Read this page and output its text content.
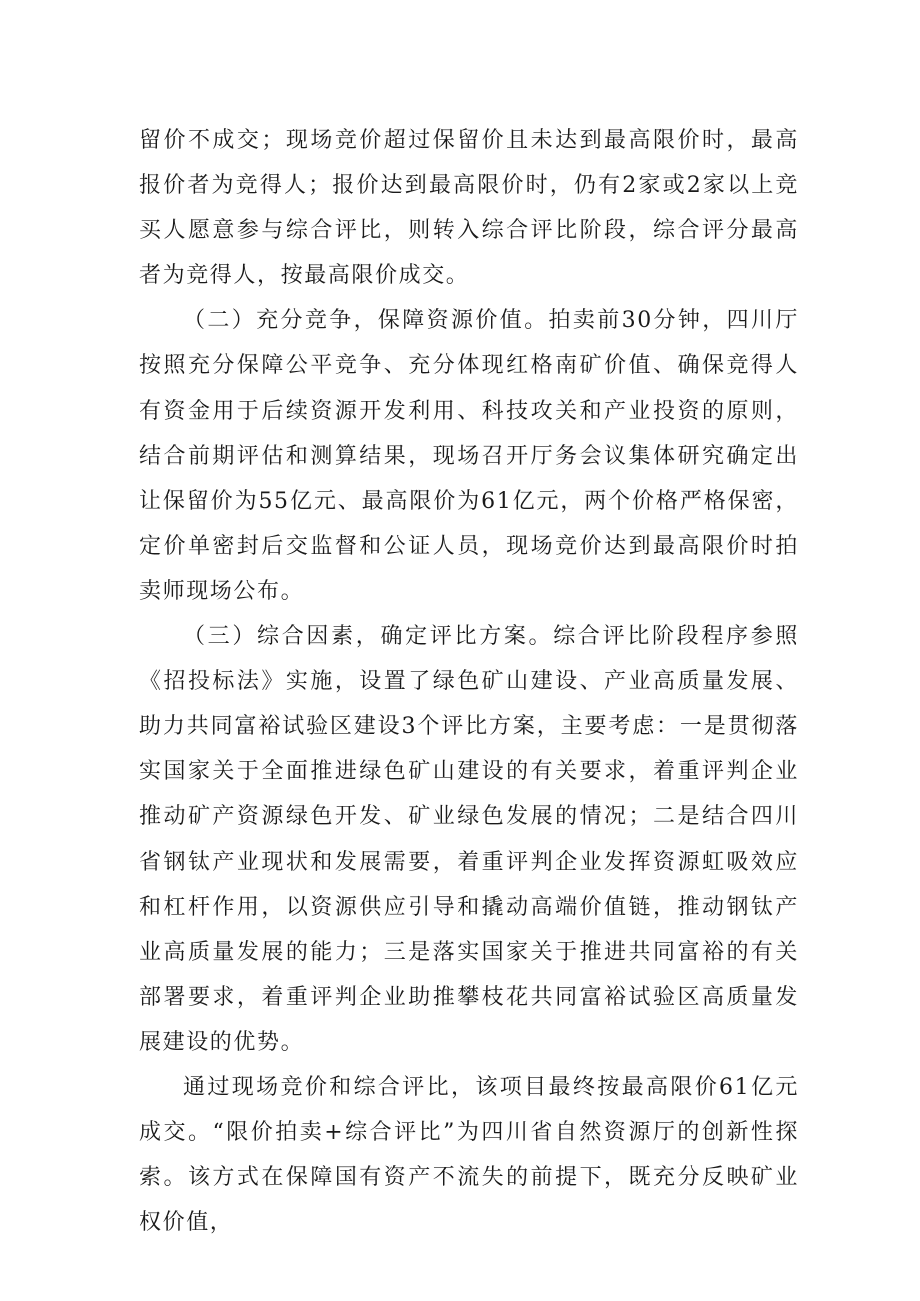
留价不成交；现场竞价超过保留价且未达到最高限价时，最高报价者为竞得人；报价达到最高限价时，仍有2家或2家以上竞买人愿意参与综合评比，则转入综合评比阶段，综合评分最高者为竞得人，按最高限价成交。

（二）充分竞争，保障资源价值。拍卖前30分钟，四川厅按照充分保障公平竞争、充分体现红格南矿价值、确保竞得人有资金用于后续资源开发利用、科技攻关和产业投资的原则，结合前期评估和测算结果，现场召开厅务会议集体研究确定出让保留价为55亿元、最高限价为61亿元，两个价格严格保密，定价单密封后交监督和公证人员，现场竞价达到最高限价时拍卖师现场公布。

（三）综合因素，确定评比方案。综合评比阶段程序参照《招投标法》实施，设置了绿色矿山建设、产业高质量发展、助力共同富裕试验区建设3个评比方案，主要考虑：一是贯彻落实国家关于全面推进绿色矿山建设的有关要求，着重评判企业推动矿产资源绿色开发、矿业绿色发展的情况；二是结合四川省钢钛产业现状和发展需要，着重评判企业发挥资源虹吸效应和杠杆作用，以资源供应引导和撬动高端价值链，推动钢钛产业高质量发展的能力；三是落实国家关于推进共同富裕的有关部署要求，着重评判企业助推攀枝花共同富裕试验区高质量发展建设的优势。

通过现场竞价和综合评比，该项目最终按最高限价61亿元成交。“限价拍卖+综合评比”为四川省自然资源厅的创新性探索。该方式在保障国有资产不流失的前提下，既充分反映矿业权价值，
